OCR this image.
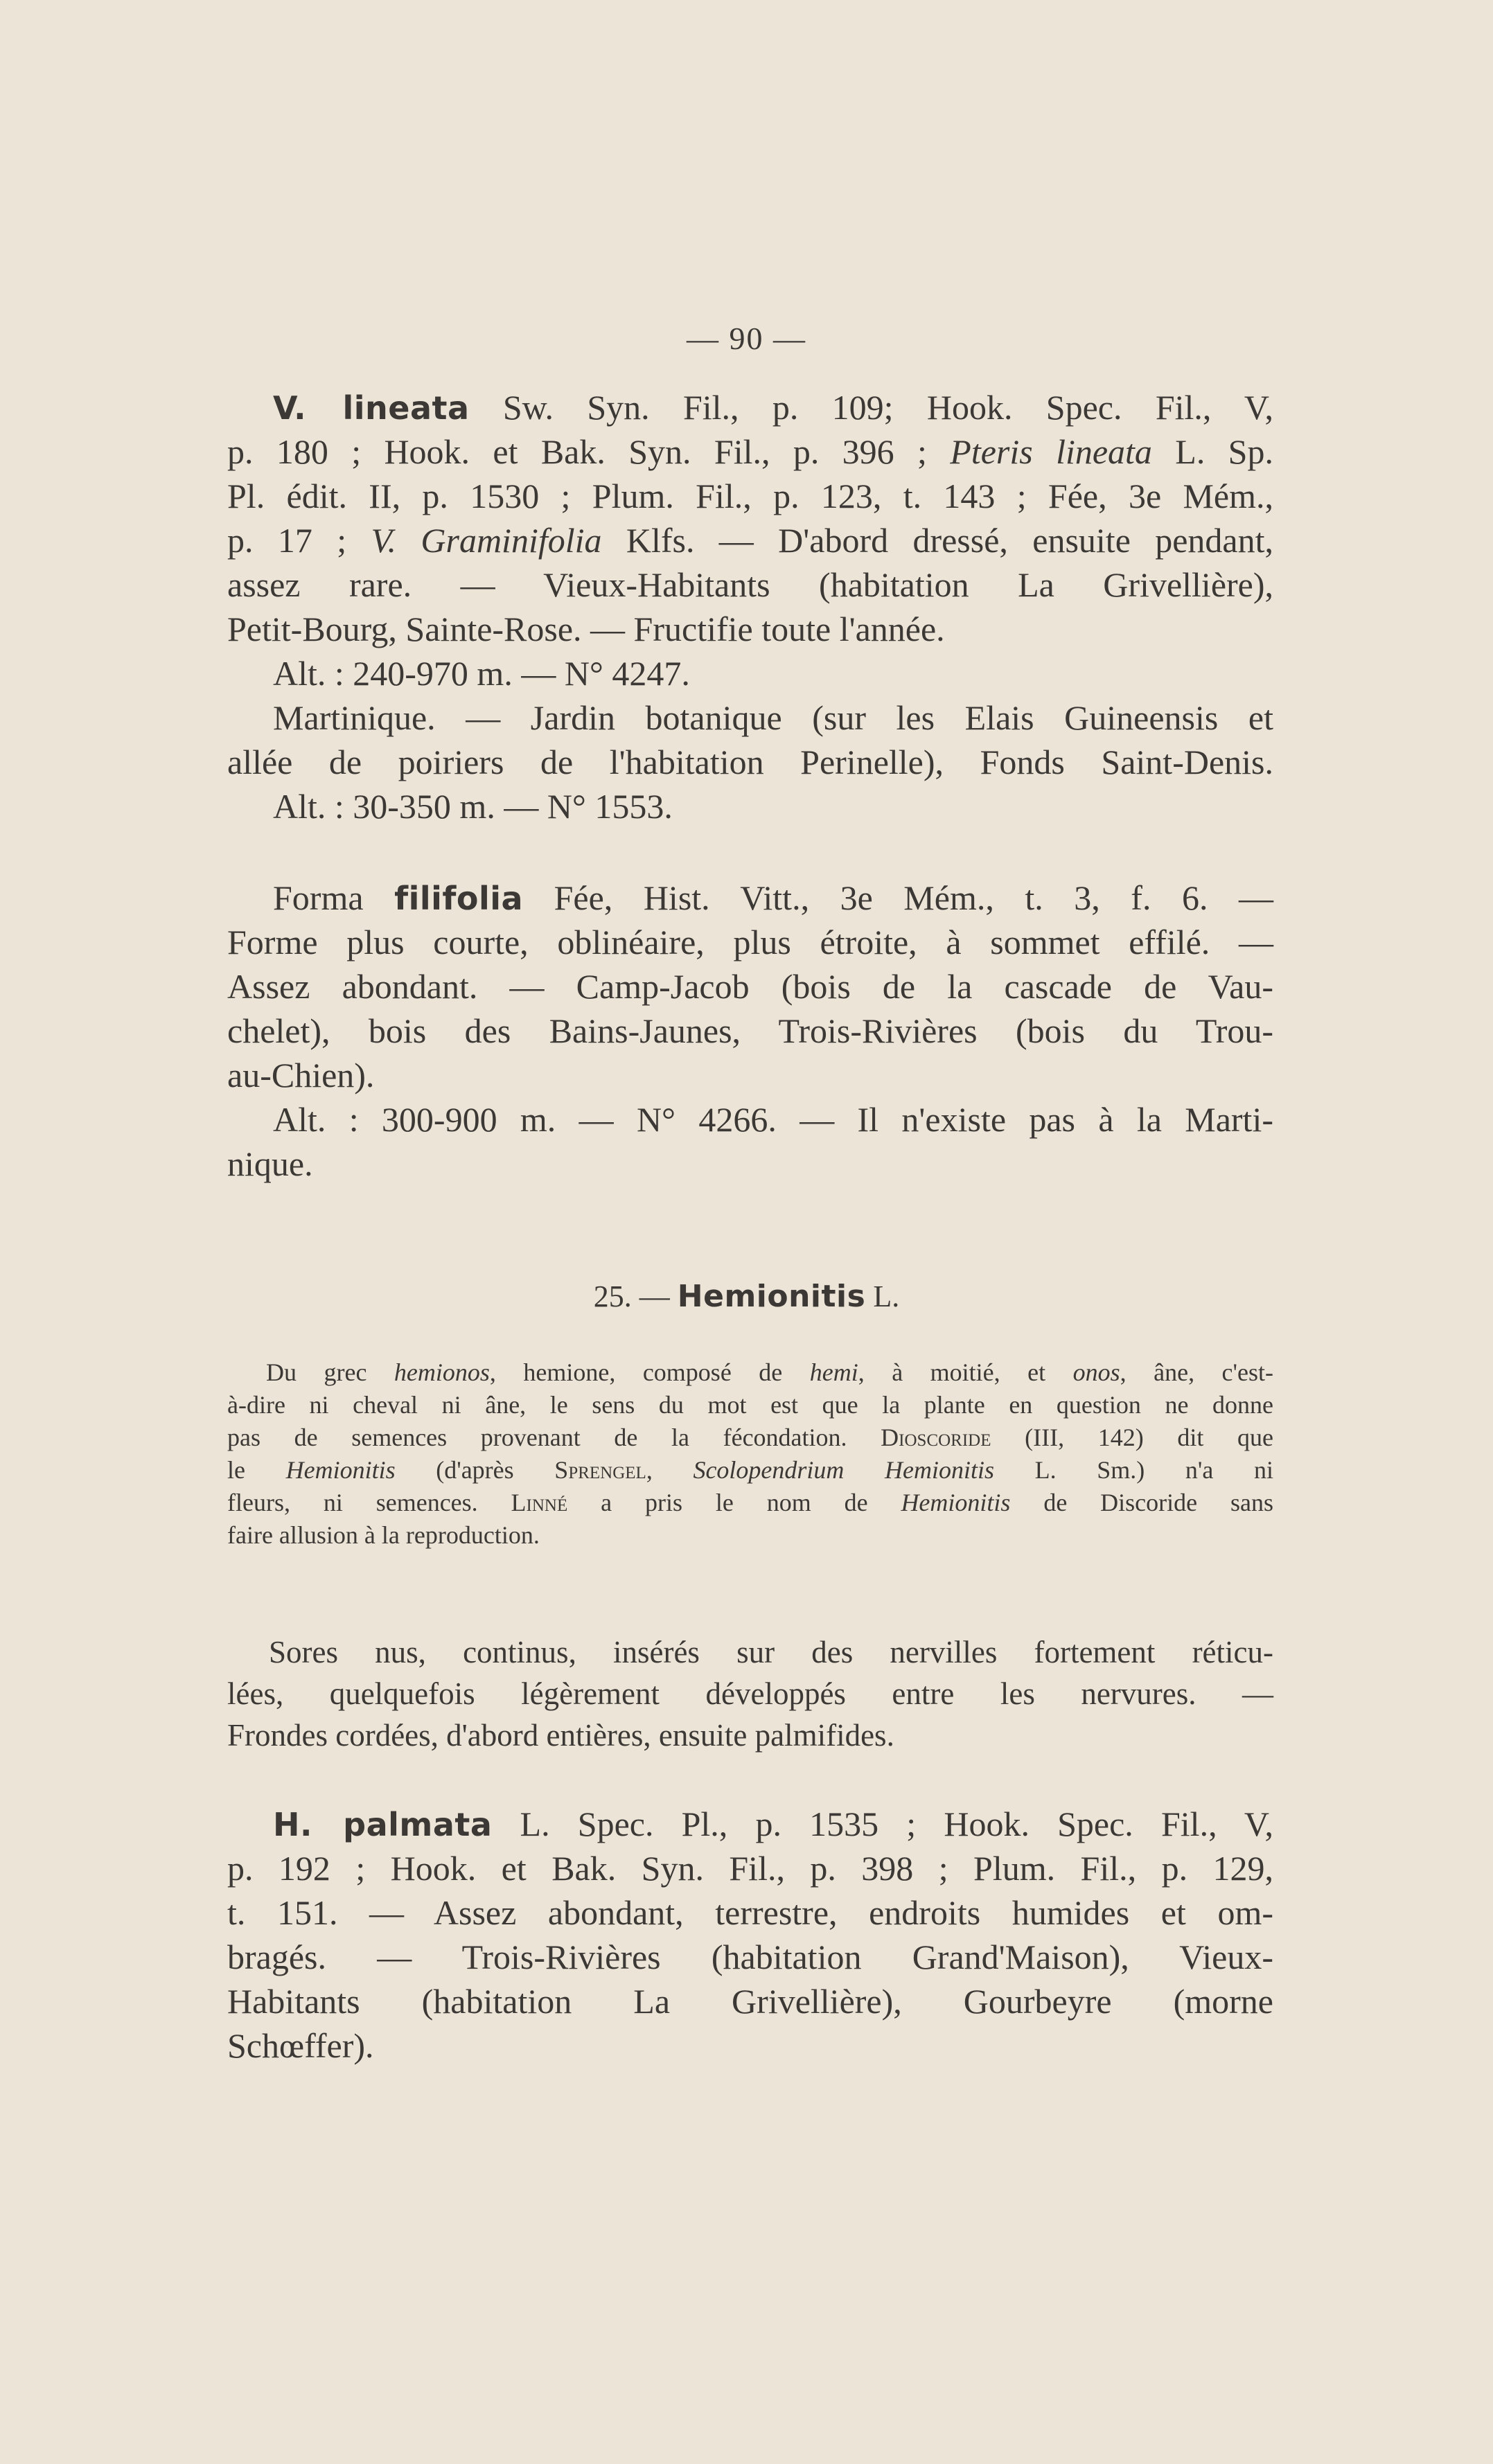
— 90 —
V. lineata Sw. Syn. Fil., p. 109; Hook. Spec. Fil., V,
p. 180 ; Hook. et Bak. Syn. Fil., p. 396 ; Pteris lineata L. Sp.
Pl. édit. II, p. 1530 ; Plum. Fil., p. 123, t. 143 ; Fée, 3e Mém.,
p. 17 ; V. Graminifolia Klfs. — D'abord dressé, ensuite pendant,
assez rare. — Vieux-Habitants (habitation La Grivellière),
Petit-Bourg, Sainte-Rose. — Fructifie toute l'année.
Alt. : 240-970 m. — N° 4247.
Martinique. — Jardin botanique (sur les Elais Guineensis et
allée de poiriers de l'habitation Perinelle), Fonds Saint-Denis.
Alt. : 30-350 m. — N° 1553.
Forma filifolia Fée, Hist. Vitt., 3e Mém., t. 3, f. 6. —
Forme plus courte, oblinéaire, plus étroite, à sommet effilé. —
Assez abondant. — Camp-Jacob (bois de la cascade de Vau-
chelet), bois des Bains-Jaunes, Trois-Rivières (bois du Trou-
au-Chien).
Alt. : 300-900 m. — N° 4266. — Il n'existe pas à la Marti-
nique.
25. — Hemionitis L.
Du grec hemionos, hemione, composé de hemi, à moitié, et onos, âne, c'est-
à-dire ni cheval ni âne, le sens du mot est que la plante en question ne donne
pas de semences provenant de la fécondation. Dioscoride (III, 142) dit que
le Hemionitis (d'après Sprengel, Scolopendrium Hemionitis L. Sm.) n'a ni
fleurs, ni semences. Linné a pris le nom de Hemionitis de Discoride sans
faire allusion à la reproduction.
Sores nus, continus, insérés sur des nervilles fortement réticu-
lées, quelquefois légèrement développés entre les nervures. —
Frondes cordées, d'abord entières, ensuite palmifides.
H. palmata L. Spec. Pl., p. 1535 ; Hook. Spec. Fil., V,
p. 192 ; Hook. et Bak. Syn. Fil., p. 398 ; Plum. Fil., p. 129,
t. 151. — Assez abondant, terrestre, endroits humides et om-
bragés. — Trois-Rivières (habitation Grand'Maison), Vieux-
Habitants (habitation La Grivellière), Gourbeyre (morne
Schœffer).
